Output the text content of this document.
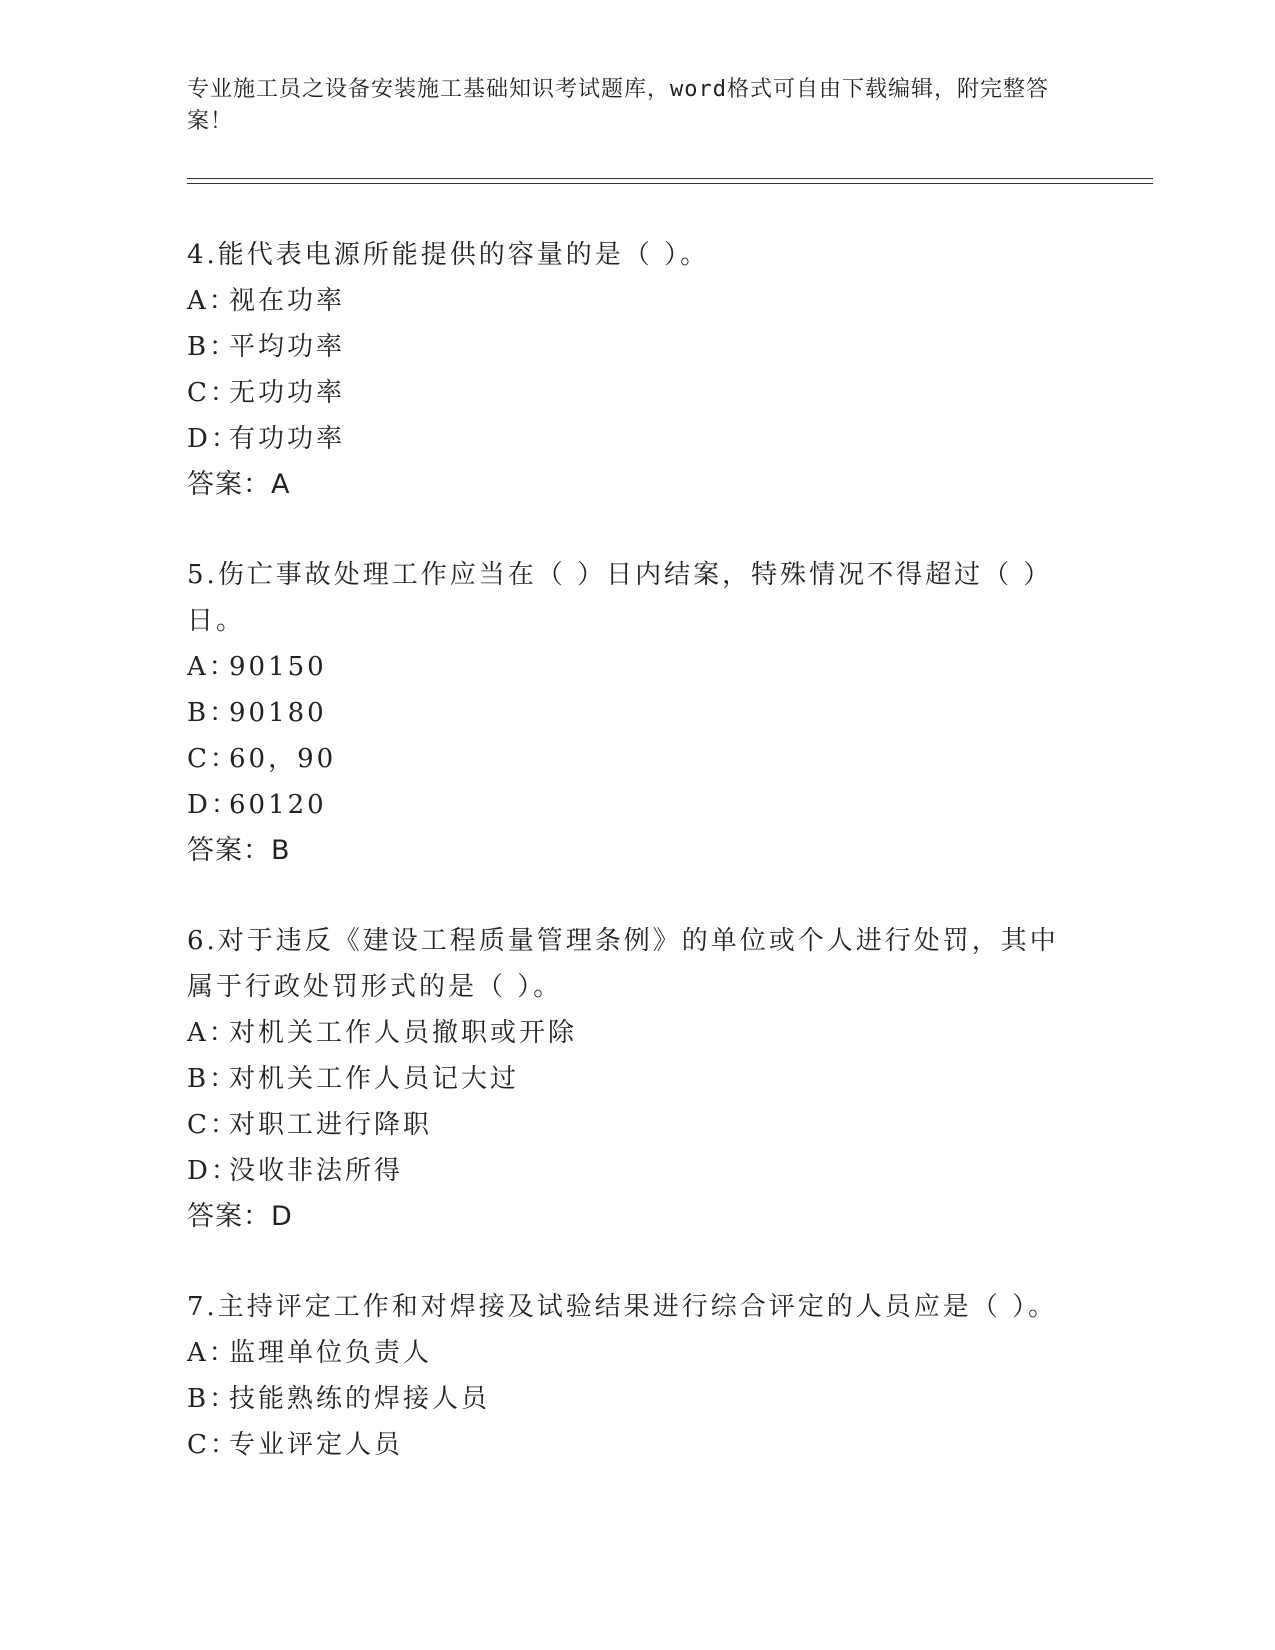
专业施工员之设备安装施工基础知识考试题库，word格式可自由下载编辑，附完整答案！

4.能代表电源所能提供的容量的是（ ）。

A：
视在功率
B：
平均功率
C：
无功功率
D：
有功功率

答案：A

5.伤亡事故处理工作应当在（ ）日内结案，特殊情况不得超过（ ）日。

A：
90150
B：
90180
C：
60，90
D：
60120

答案：B

6.对于违反《建设工程质量管理条例》的单位或个人进行处罚，其中属于行政处罚形式的是（ ）。

A：
对机关工作人员撤职或开除
B：
对机关工作人员记大过
C：
对职工进行降职
D：
没收非法所得

答案：D

7.主持评定工作和对焊接及试验结果进行综合评定的人员应是（ ）。

A：
监理单位负责人
B：
技能熟练的焊接人员
C：
专业评定人员
